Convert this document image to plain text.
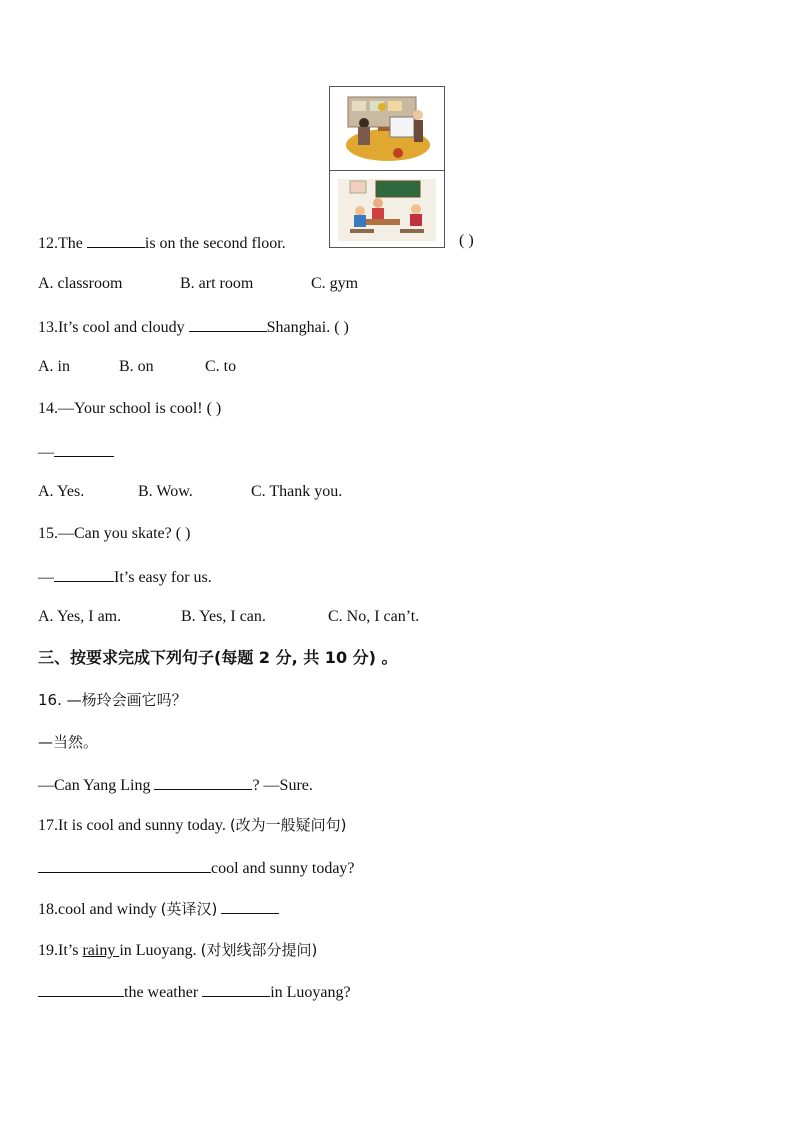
12.The	is on the second floor.	( )
A. classroom	B. art room	C. gym
13.It’s cool and cloudy	Shanghai. ( )
A. in	B. on	C. to
14.—Your school is cool! ( )
—
A. Yes.	B. Wow.	C. Thank you.
15.—Can you skate? ( )
—	It’s easy for us.
A. Yes, I am.	B. Yes, I can.	C. No, I can’t.
三、按要求完成下列句子(每题 2 分, 共 10 分) 。
16. —杨玲会画它吗？
—当然。
—Can Yang Ling	? —Sure.
17.It is cool and sunny today. (改为一般疑问句)
cool and sunny today?
18.cool and windy (英译汉)
19.It’s rainy in Luoyang. (对划线部分提问)
the weather	in Luoyang?
